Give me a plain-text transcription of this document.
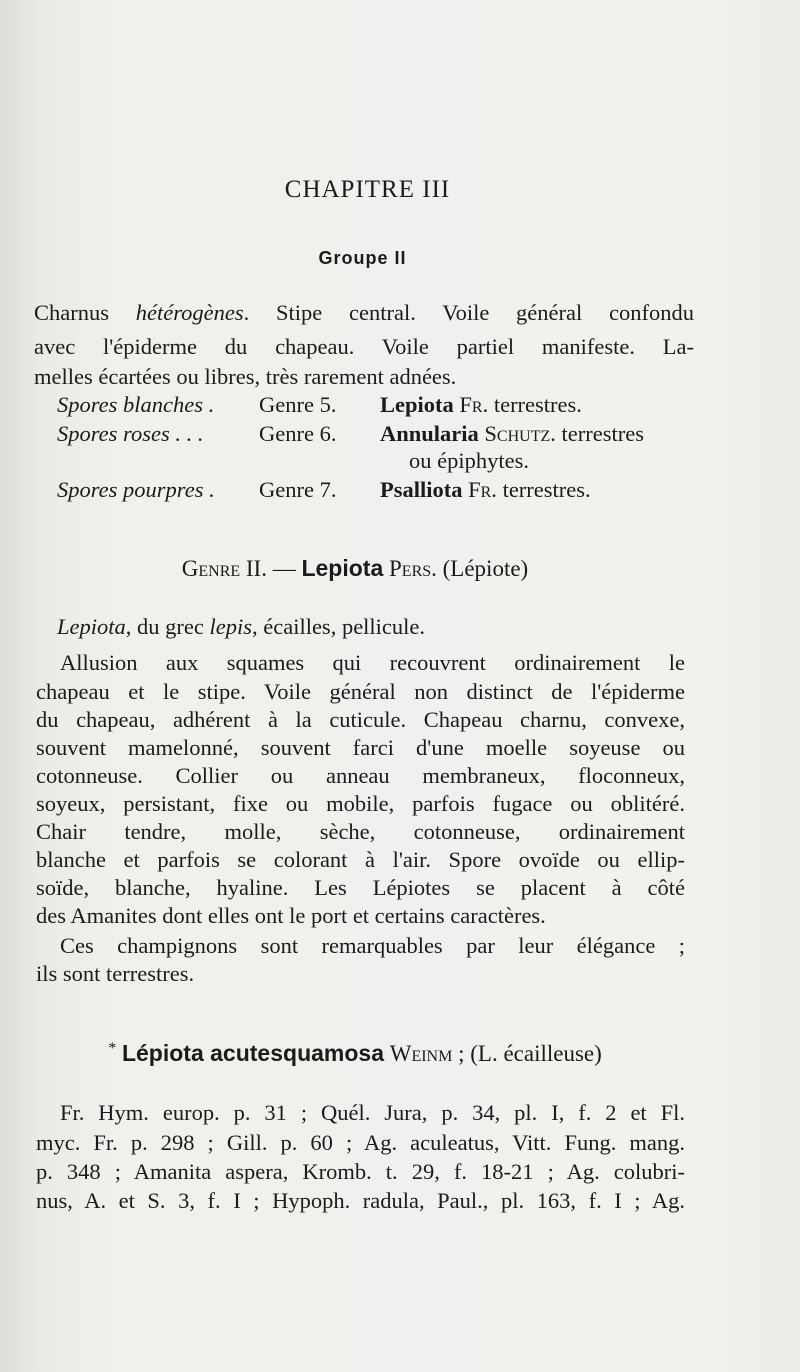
CHAPITRE III
Groupe II
Charnus hétérogènes. Stipe central. Voile général confondu
avec l'épiderme du chapeau. Voile partiel manifeste. La-
melles écartées ou libres, très rarement adnées.
Spores blanches . Genre 5. Lepiota Fr. terrestres.
Spores roses . . . Genre 6. Annularia Schutz. terrestres
ou épiphytes.
Spores pourpres . Genre 7. Psalliota Fr. terrestres.
Genre II. — Lepiota Pers. (Lépiote)
Lepiota, du grec lepis, écailles, pellicule.
Allusion aux squames qui recouvrent ordinairement le
chapeau et le stipe. Voile général non distinct de l'épiderme
du chapeau, adhérent à la cuticule. Chapeau charnu, convexe,
souvent mamelonné, souvent farci d'une moelle soyeuse ou
cotonneuse. Collier ou anneau membraneux, floconneux,
soyeux, persistant, fixe ou mobile, parfois fugace ou oblitéré.
Chair tendre, molle, sèche, cotonneuse, ordinairement
blanche et parfois se colorant à l'air. Spore ovoïde ou ellip-
soïde, blanche, hyaline. Les Lépiotes se placent à côté
des Amanites dont elles ont le port et certains caractères.
Ces champignons sont remarquables par leur élégance ;
ils sont terrestres.
* Lépiota acutesquamosa Weinm ; (L. écailleuse)
Fr. Hym. europ. p. 31 ; Quél. Jura, p. 34, pl. I, f. 2 et Fl.
myc. Fr. p. 298 ; Gill. p. 60 ; Ag. aculeatus, Vitt. Fung. mang.
p. 348 ; Amanita aspera, Kromb. t. 29, f. 18-21 ; Ag. colubri-
nus, A. et S. 3, f. I ; Hypoph. radula, Paul., pl. 163, f. I ; Ag.
